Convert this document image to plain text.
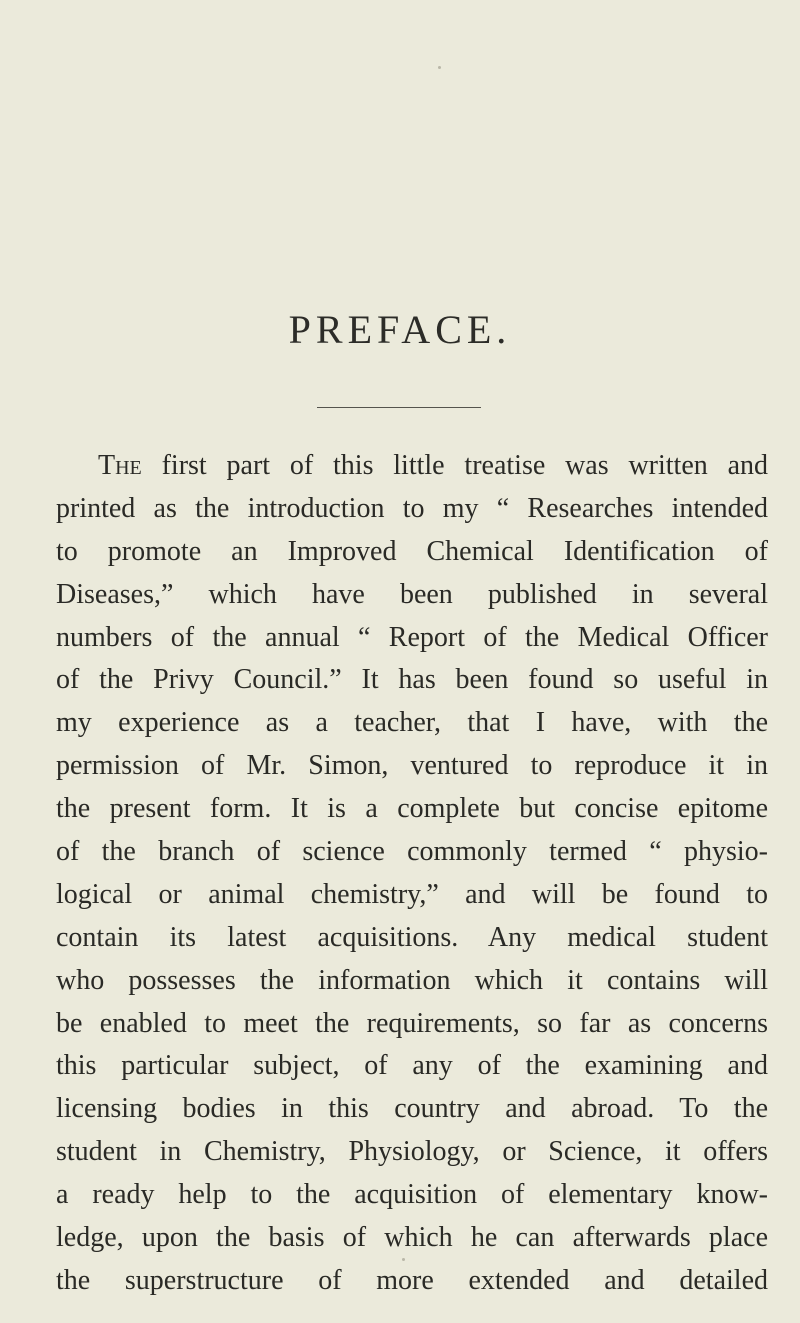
PREFACE.
The first part of this little treatise was written and
printed as the introduction to my “ Researches intended
to promote an Improved Chemical Identification of
Diseases,” which have been published in several
numbers of the annual “ Report of the Medical Officer
of the Privy Council.” It has been found so useful in
my experience as a teacher, that I have, with the
permission of Mr. Simon, ventured to reproduce it in
the present form. It is a complete but concise epitome
of the branch of science commonly termed “ physio-
logical or animal chemistry,” and will be found to
contain its latest acquisitions. Any medical student
who possesses the information which it contains will
be enabled to meet the requirements, so far as concerns
this particular subject, of any of the examining and
licensing bodies in this country and abroad. To the
student in Chemistry, Physiology, or Science, it offers
a ready help to the acquisition of elementary know-
ledge, upon the basis of which he can afterwards place
the superstructure of more extended and detailed
